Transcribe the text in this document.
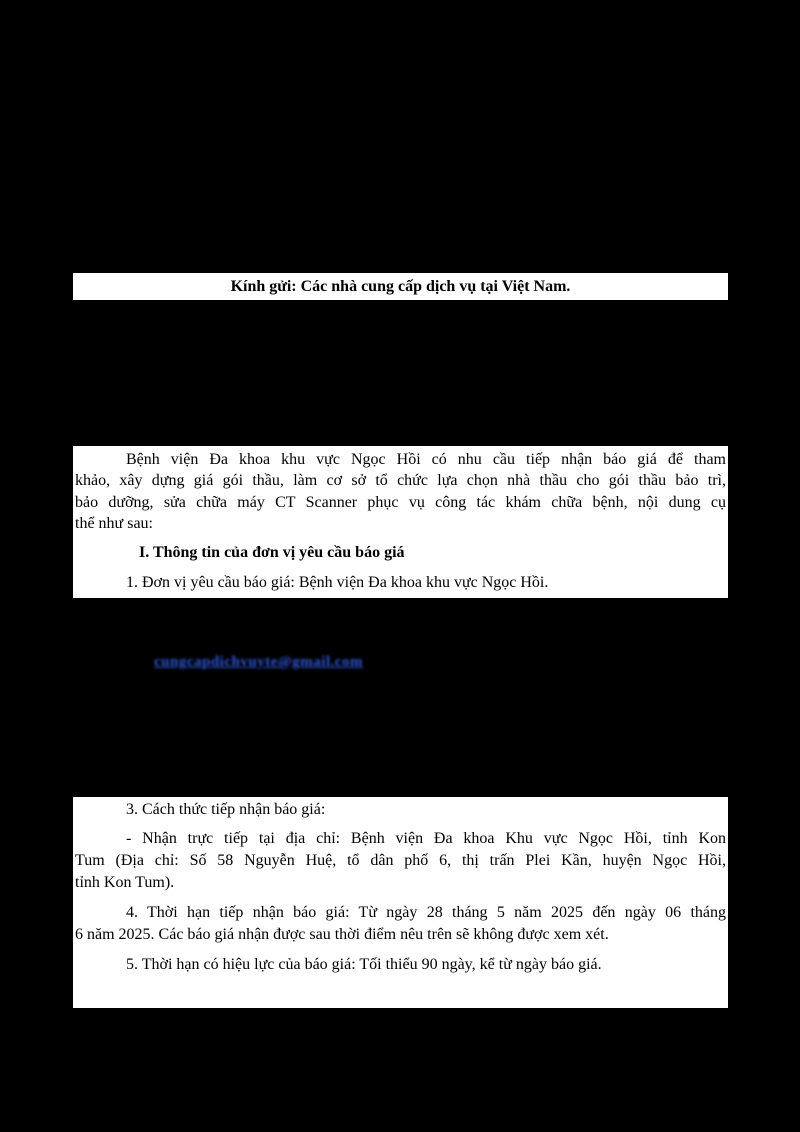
Kính gửi: Các nhà cung cấp dịch vụ tại Việt Nam.
Bệnh viện Đa khoa khu vực Ngọc Hồi có nhu cầu tiếp nhận báo giá để tham
khảo, xây dựng giá gói thầu, làm cơ sở tổ chức lựa chọn nhà thầu cho gói thầu bảo trì,
bảo dưỡng, sửa chữa máy CT Scanner phục vụ công tác khám chữa bệnh, nội dung cụ
thể như sau:
I. Thông tin của đơn vị yêu cầu báo giá
1. Đơn vị yêu cầu báo giá: Bệnh viện Đa khoa khu vực Ngọc Hồi.
cungcapdichvuyte@gmail.com
3. Cách thức tiếp nhận báo giá:
- Nhận trực tiếp tại địa chỉ: Bệnh viện Đa khoa Khu vực Ngọc Hồi, tỉnh Kon
Tum (Địa chỉ: Số 58 Nguyễn Huệ, tổ dân phố 6, thị trấn Plei Kần, huyện Ngọc Hồi,
tỉnh Kon Tum).
4. Thời hạn tiếp nhận báo giá: Từ ngày 28 tháng 5 năm 2025 đến ngày 06 tháng
6 năm 2025. Các báo giá nhận được sau thời điểm nêu trên sẽ không được xem xét.
5. Thời hạn có hiệu lực của báo giá: Tối thiểu 90 ngày, kể từ ngày báo giá.
